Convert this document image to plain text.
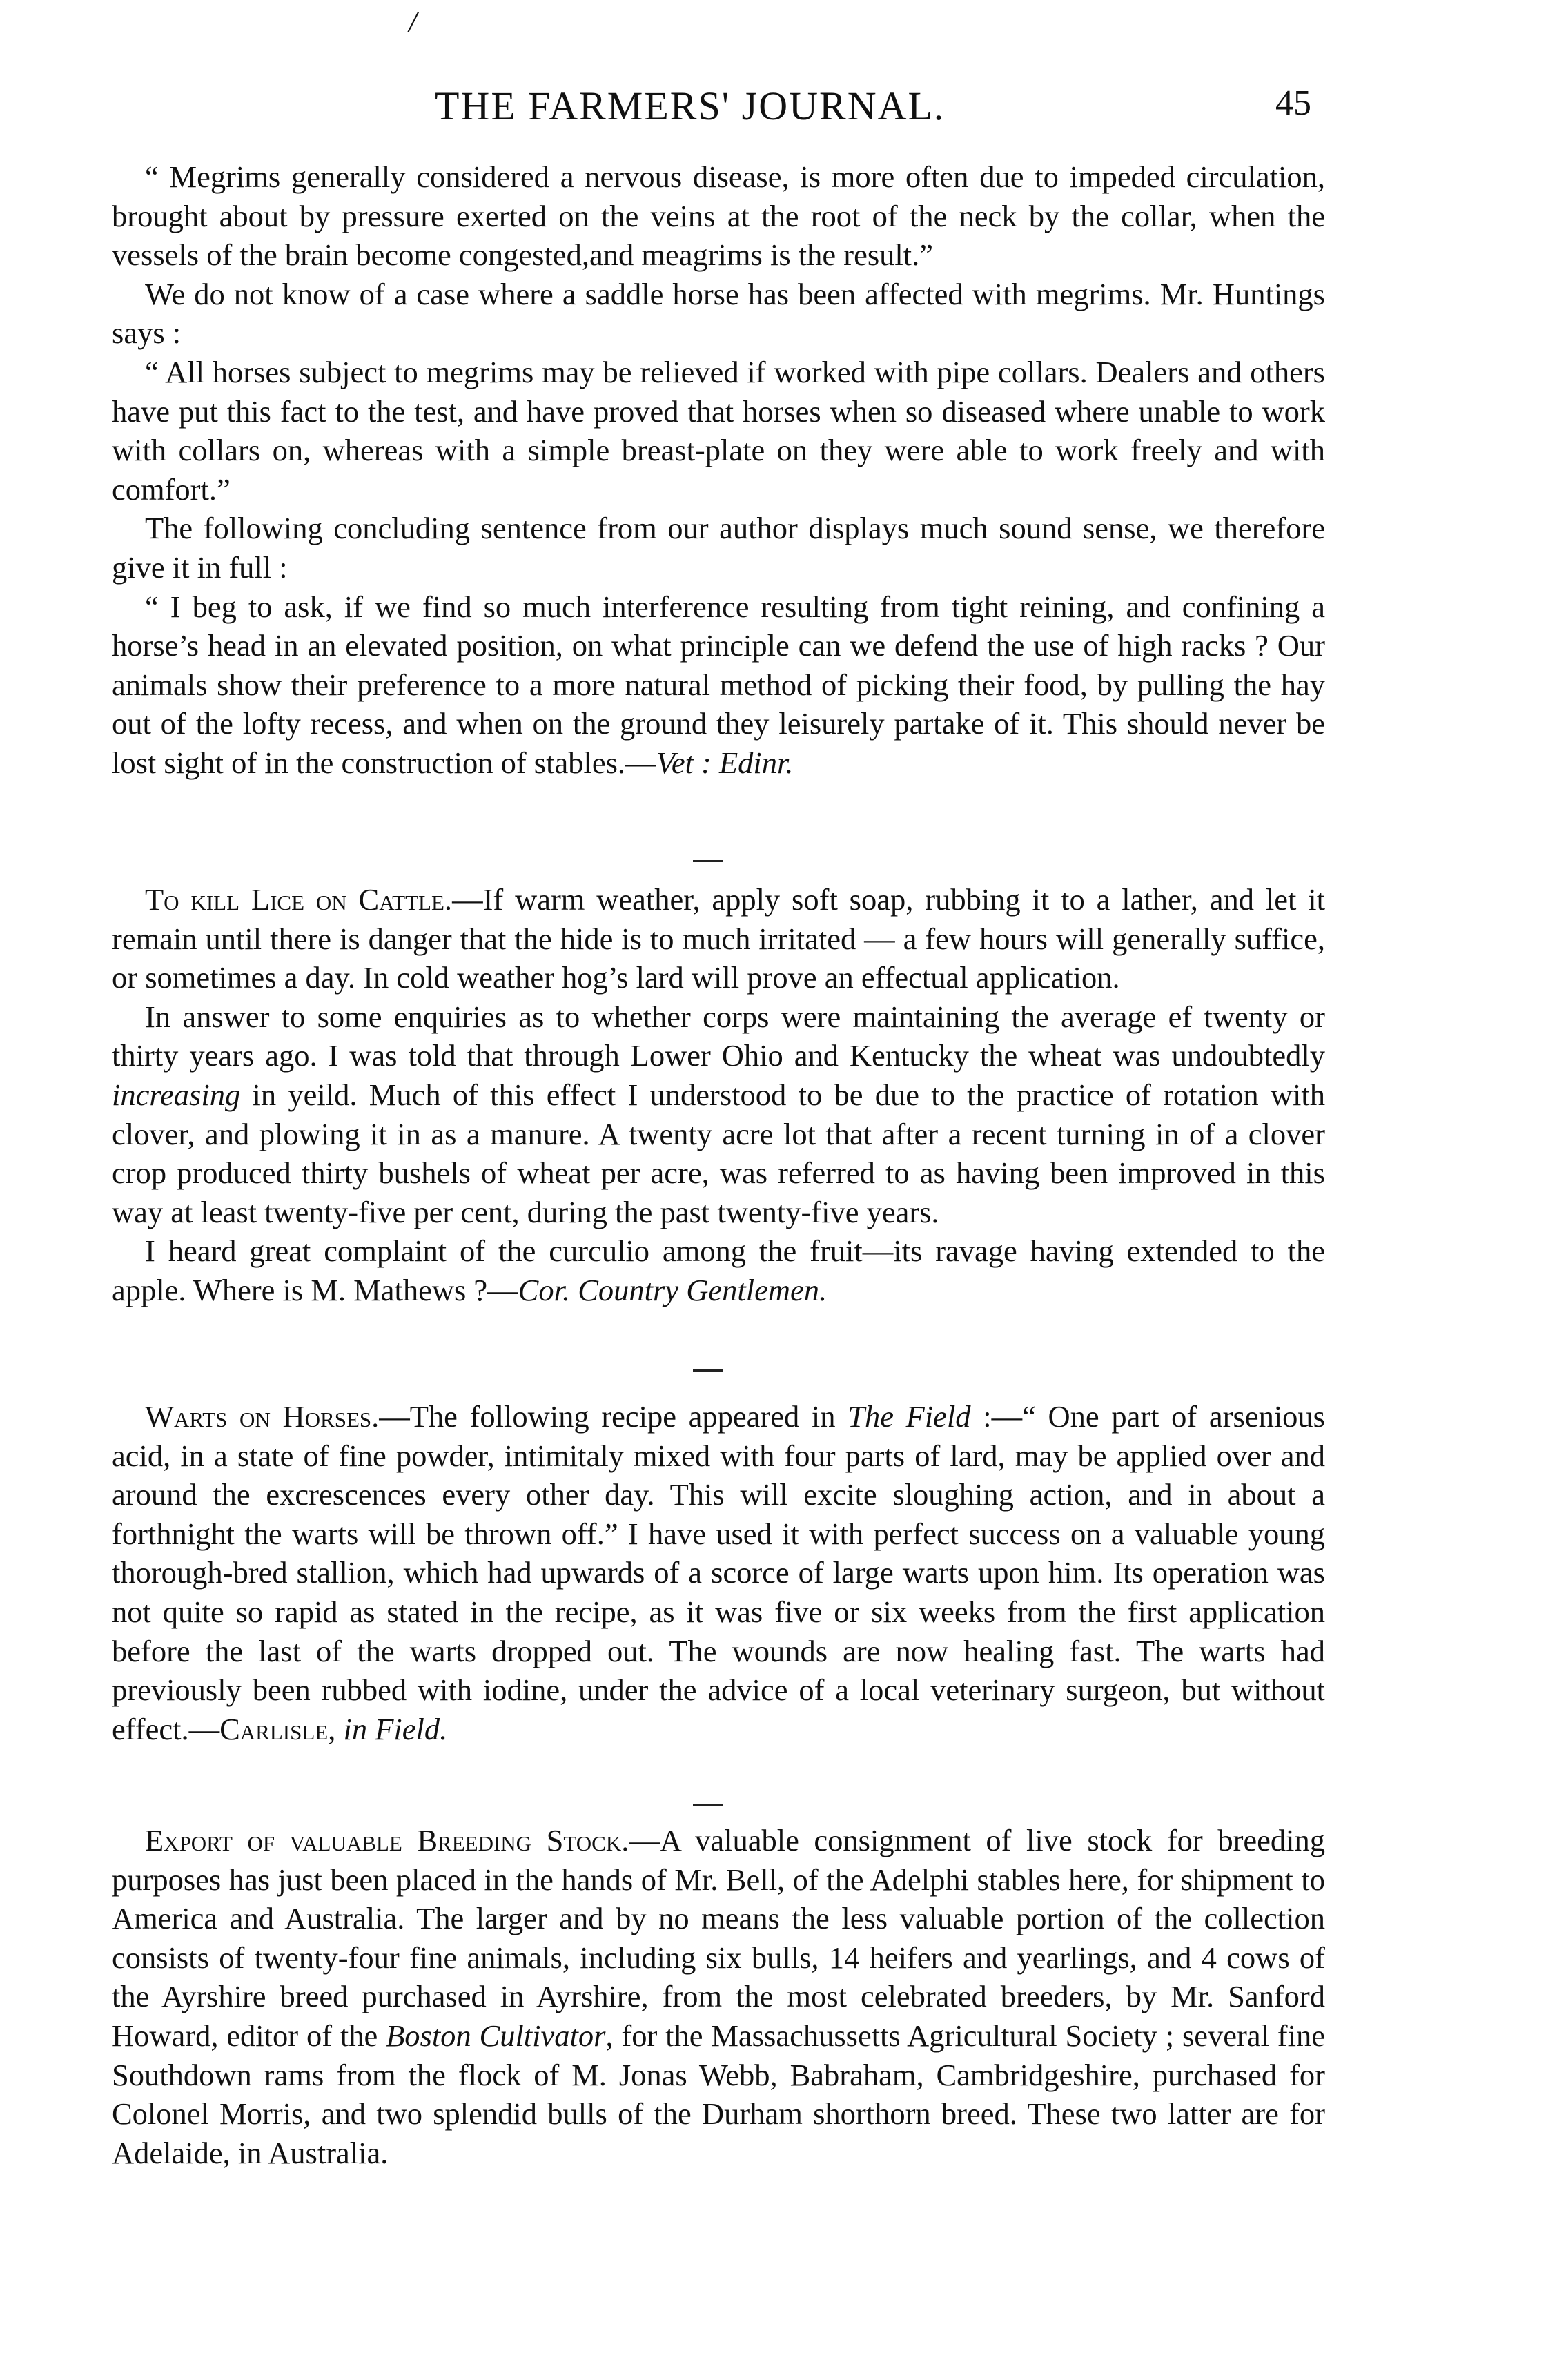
/
THE FARMERS' JOURNAL.	45

“ Megrims generally considered a nervous disease, is more often due to impeded circulation, brought about by pressure exerted on the veins at the root of the neck by the collar, when the vessels of the brain become congested,and meagrims is the result.”

We do not know of a case where a saddle horse has been affected with megrims. Mr. Huntings says :

“ All horses subject to megrims may be relieved if worked with pipe collars. Dealers and others have put this fact to the test, and have proved that horses when so diseased where unable to work with collars on, whereas with a simple breast-plate on they were able to work freely and with comfort.”

The following concluding sentence from our author displays much sound sense, we therefore give it in full :

“ I beg to ask, if we find so much interference resulting from tight reining, and confining a horse’s head in an elevated position, on what principle can we defend the use of high racks ? Our animals show their preference to a more natural method of picking their food, by pulling the hay out of the lofty recess, and when on the ground they leisurely partake of it. This should never be lost sight of in the construction of stables.—Vet : Edinr.

To kill Lice on Cattle.—If warm weather, apply soft soap, rubbing it to a lather, and let it remain until there is danger that the hide is to much irritated — a few hours will generally suffice, or sometimes a day. In cold weather hog’s lard will prove an effectual application.

In answer to some enquiries as to whether corps were maintaining the average ef twenty or thirty years ago. I was told that through Lower Ohio and Kentucky the wheat was undoubtedly increasing in yeild. Much of this effect I understood to be due to the practice of rotation with clover, and plowing it in as a manure. A twenty acre lot that after a recent turning in of a clover crop produced thirty bushels of wheat per acre, was referred to as having been improved in this way at least twenty-five per cent, during the past twenty-five years.

I heard great complaint of the curculio among the fruit—its ravage having extended to the apple. Where is M. Mathews ?—Cor. Country Gentlemen.

Warts on Horses.—The following recipe appeared in The Field :—“ One part of arsenious acid, in a state of fine powder, intimitaly mixed with four parts of lard, may be applied over and around the excrescences every other day. This will excite sloughing action, and in about a forthnight the warts will be thrown off.” I have used it with perfect success on a valuable young thorough-bred stallion, which had upwards of a scorce of large warts upon him. Its operation was not quite so rapid as stated in the recipe, as it was five or six weeks from the first application before the last of the warts dropped out. The wounds are now healing fast. The warts had previously been rubbed with iodine, under the advice of a local veterinary surgeon, but without effect.—Carlisle, in Field.

Export of valuable Breeding Stock.—A valuable consignment of live stock for breeding purposes has just been placed in the hands of Mr. Bell, of the Adelphi stables here, for shipment to America and Australia. The larger and by no means the less valuable portion of the collection consists of twenty-four fine animals, including six bulls, 14 heifers and yearlings, and 4 cows of the Ayrshire breed purchased in Ayrshire, from the most celebrated breeders, by Mr. Sanford Howard, editor of the Boston Cultivator, for the Massachussetts Agricultural Society ; several fine Southdown rams from the flock of M. Jonas Webb, Babraham, Cambridgeshire, purchased for Colonel Morris, and two splendid bulls of the Durham shorthorn breed. These two latter are for Adelaide, in Australia.
